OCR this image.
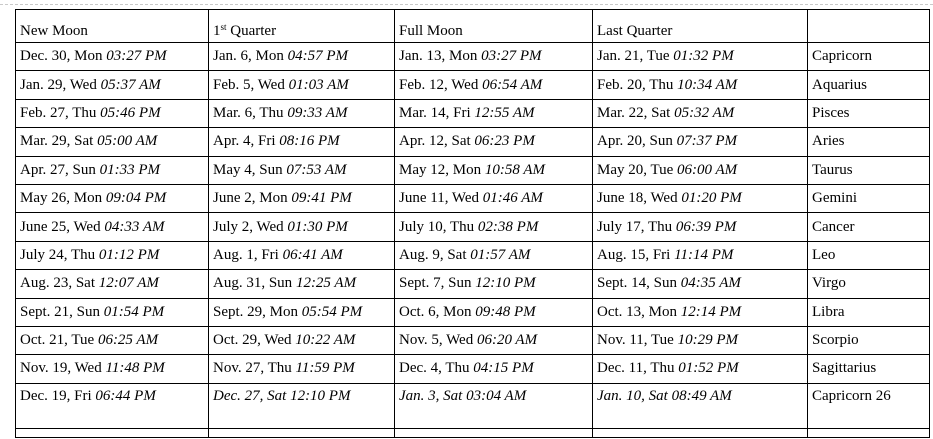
New Moon	1st Quarter	Full Moon	Last Quarter	
Dec. 30, Mon 03:27 PM	Jan. 6, Mon 04:57 PM	Jan. 13, Mon 03:27 PM	Jan. 21, Tue 01:32 PM	Capricorn
Jan. 29, Wed 05:37 AM	Feb. 5, Wed 01:03 AM	Feb. 12, Wed 06:54 AM	Feb. 20, Thu 10:34 AM	Aquarius
Feb. 27, Thu 05:46 PM	Mar. 6, Thu 09:33 AM	Mar. 14, Fri 12:55 AM	Mar. 22, Sat 05:32 AM	Pisces
Mar. 29, Sat 05:00 AM	Apr. 4, Fri 08:16 PM	Apr. 12, Sat 06:23 PM	Apr. 20, Sun 07:37 PM	Aries
Apr. 27, Sun 01:33 PM	May 4, Sun 07:53 AM	May 12, Mon 10:58 AM	May 20, Tue 06:00 AM	Taurus
May 26, Mon 09:04 PM	June 2, Mon 09:41 PM	June 11, Wed 01:46 AM	June 18, Wed 01:20 PM	Gemini
June 25, Wed 04:33 AM	July 2, Wed 01:30 PM	July 10, Thu 02:38 PM	July 17, Thu 06:39 PM	Cancer
July 24, Thu 01:12 PM	Aug. 1, Fri 06:41 AM	Aug. 9, Sat 01:57 AM	Aug. 15, Fri 11:14 PM	Leo
Aug. 23, Sat 12:07 AM	Aug. 31, Sun 12:25 AM	Sept. 7, Sun 12:10 PM	Sept. 14, Sun 04:35 AM	Virgo
Sept. 21, Sun 01:54 PM	Sept. 29, Mon 05:54 PM	Oct. 6, Mon 09:48 PM	Oct. 13, Mon 12:14 PM	Libra
Oct. 21, Tue 06:25 AM	Oct. 29, Wed 10:22 AM	Nov. 5, Wed 06:20 AM	Nov. 11, Tue 10:29 PM	Scorpio
Nov. 19, Wed 11:48 PM	Nov. 27, Thu 11:59 PM	Dec. 4, Thu 04:15 PM	Dec. 11, Thu 01:52 PM	Sagittarius
Dec. 19, Fri 06:44 PM	Dec. 27, Sat 12:10 PM	Jan. 3, Sat 03:04 AM	Jan. 10, Sat 08:49 AM	Capricorn 26
